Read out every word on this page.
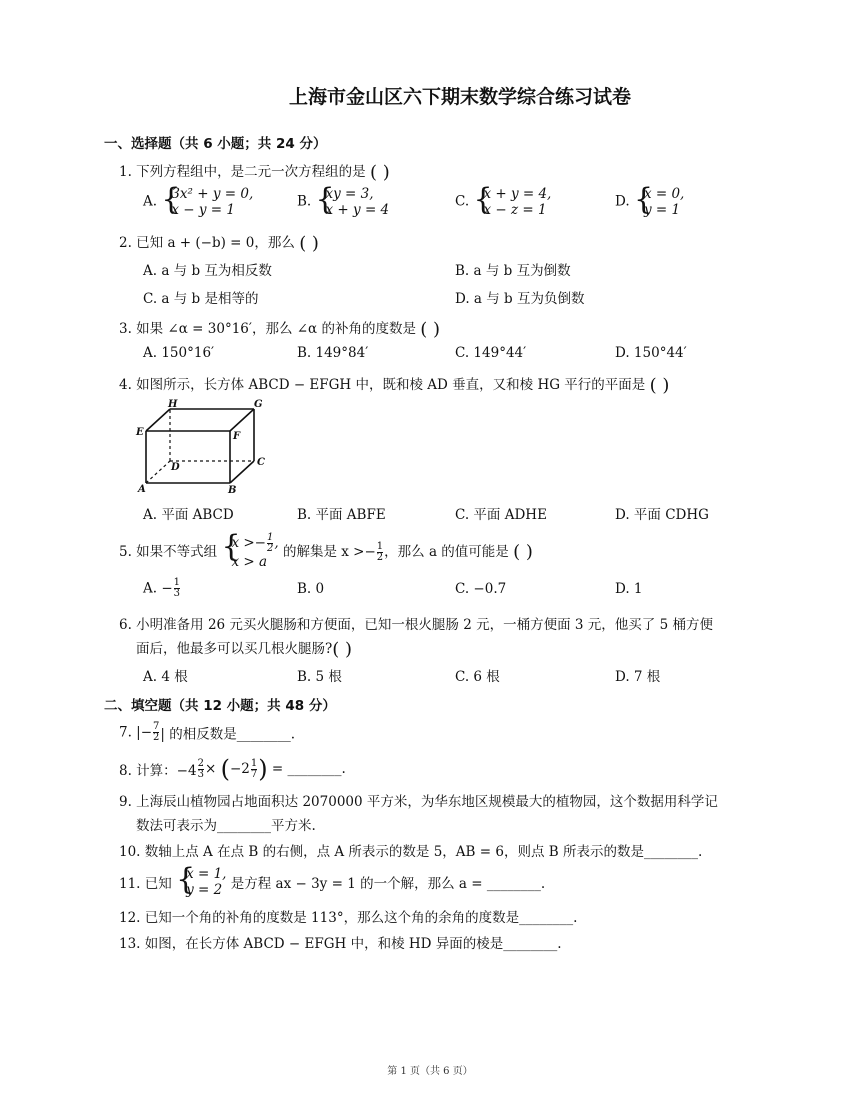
上海市金山区六下期末数学综合练习试卷
一、选择题（共 6 小题；共 24 分）
1. 下列方程组中，是二元一次方程组的是 ( )
A. {
3x² + y = 0,
x − y = 1
B. {
xy = 3,
x + y = 4
C. {
x + y = 4,
x − z = 1
D. {
x = 0,
y = 1
2. 已知 a + (−b) = 0，那么 ( )
A. a 与 b 互为相反数	B. a 与 b 互为倒数
C. a 与 b 是相等的	D. a 与 b 互为负倒数
3. 如果 ∠α = 30°16′，那么 ∠α 的补角的度数是 ( )
A. 150°16′	B. 149°84′	C. 149°44′	D. 150°44′
4. 如图所示，长方体 ABCD − EFGH 中，既和棱 AD 垂直，又和棱 HG 平行的平面是 ( )
H	G
E	F
D	C
A	B
A. 平面 ABCD	B. 平面 ABFE	C. 平面 ADHE	D. 平面 CDHG
5. 如果不等式组 {
$x >- \frac{1}{2}$ ,
x > a
的解集是 $x >- \frac{1}{2}$ ，那么 a 的值可能是 ( )
A. − $\frac{1}{3}$	B. 0	C. −0.7	D. 1
6. 小明准备用 26 元买火腿肠和方便面，已知一根火腿肠 2 元，一桶方便面 3 元，他买了 5 桶方便
面后，他最多可以买几根火腿肠?( )
A. 4 根	B. 5 根	C. 6 根	D. 7 根
二、填空题（共 12 小题；共 48 分）
7. |− $\frac{7}{2}$ | 的相反数是________.
8. 计算：$-4 \frac{2}{3} \times (-2 \frac{1}{7}$ ) = ________.
9. 上海辰山植物园占地面积达 2070000 平方米，为华东地区规模最大的植物园，这个数据用科学记
数法可表示为________平方米.
10. 数轴上点 A 在点 B 的右侧，点 A 所表示的数是 5，AB = 6，则点 B 所表示的数是________.
11. 已知 {
x = 1,
y = 2 是方程 ax − 3y = 1 的一个解，那么 a = ________.
12. 已知一个角的补角的度数是 113°，那么这个角的余角的度数是________.
13. 如图，在长方体 ABCD − EFGH 中，和棱 HD 异面的棱是________.
第 1 页（共 6 页）
